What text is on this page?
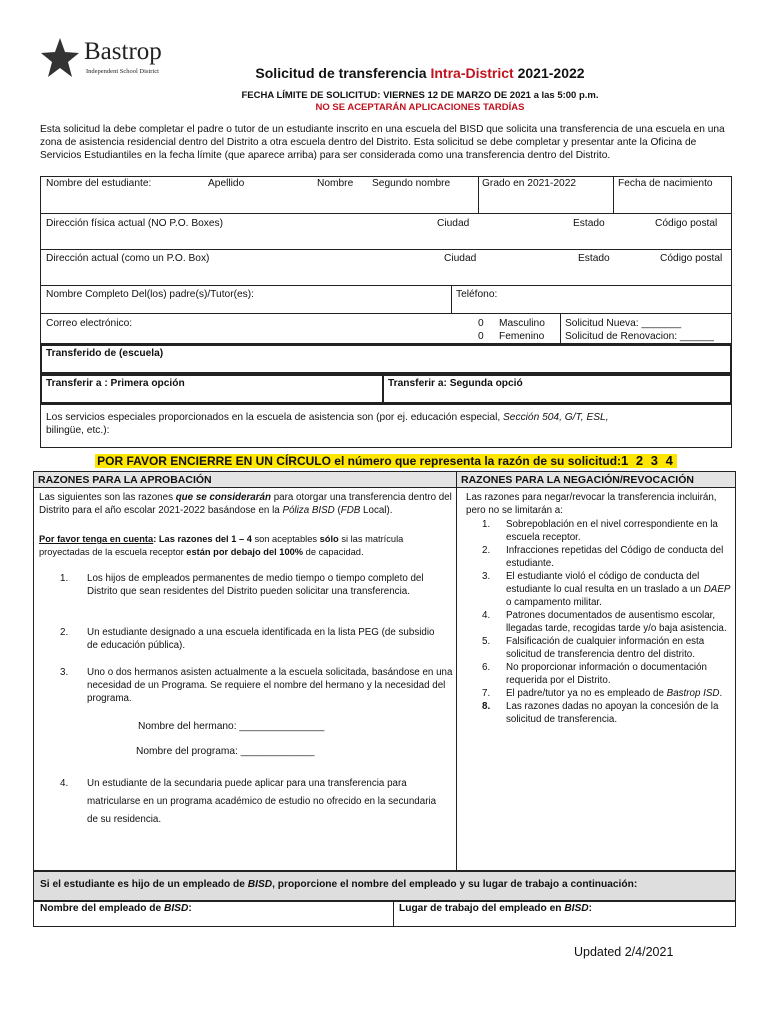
Bastrop
Independent School District	Solicitud de transferencia Intra-District 2021-2022
FECHA LÍMITE DE SOLICITUD: VIERNES 12 DE MARZO DE 2021 a las 5:00 p.m.
NO SE ACEPTARÁN APLICACIONES TARDÍAS
Esta solicitud la debe completar el padre o tutor de un estudiante inscrito en una escuela del BISD que solicita una transferencia de una escuela en una zona de asistencia residencial dentro del Distrito a otra escuela dentro del Distrito. Esta solicitud se debe completar y presentar ante la Oficina de Servicios Estudiantiles en la fecha límite (que aparece arriba) para ser considerada como una transferencia dentro del Distrito.
Nombre del estudiante:	Apellido	Nombre Segundo nombre	Grado en 2021-2022	Fecha de nacimiento
Dirección física actual (NO P.O. Boxes)	Ciudad	Estado	Código postal
Dirección actual (como un P.O. Box)	Ciudad	Estado	Código postal
Nombre Completo Del(los) padre(s)/Tutor(es):	Teléfono:
Correo electrónico:	0 Masculino
0 Femenino
Solicitud Nueva: _______
Solicitud de Renovacion: ______
Transferido de (escuela)
Transferir a : Primera opción	Transferir a: Segunda opció
Los servicios especiales proporcionados en la escuela de asistencia son (por ej. educación especial, Sección 504, G/T, ESL,
bilingüe, etc.):
POR FAVOR ENCIERRE EN UN CÍRCULO el número que representa la razón de su solicitud:1 2 3 4
RAZONES PARA LA APROBACIÓN	RAZONES PARA LA NEGACIÓN/REVOCACIÓN
Las siguientes son las razones que se considerarán para otorgar una transferencia dentro del Distrito para el año escolar 2021-2022 basándose en la Póliza BISD (FDB Local).
Por favor tenga en cuenta: Las razones del 1 – 4 son aceptables sólo si las matrícula proyectadas de la escuela receptor están por debajo del 100% de capacidad.
1. Los hijos de empleados permanentes de medio tiempo o tiempo completo del Distrito que sean residentes del Distrito pueden solicitar una transferencia.
2. Un estudiante designado a una escuela identificada en la lista PEG (de subsidio de educación pública).
3. Uno o dos hermanos asisten actualmente a la escuela solicitada, basándose en una necesidad de un Programa. Se requiere el nombre del hermano y la necesidad del programa.
Nombre del hermano: _______________
Nombre del programa: _____________
4. Un estudiante de la secundaria puede aplicar para una transferencia para matricularse en un programa académico de estudio no ofrecido en la secundaria de su residencia.
Las razones para negar/revocar la transferencia incluirán, pero no se limitarán a:
1. Sobrepoblación en el nivel correspondiente en la escuela receptor.
2. Infracciones repetidas del Código de conducta del estudiante.
3. El estudiante violó el código de conducta del estudiante lo cual resulta en un traslado a un DAEP o campamento militar.
4. Patrones documentados de ausentismo escolar, llegadas tarde, recogidas tarde y/o baja asistencia.
5. Falsificación de cualquier información en esta solicitud de transferencia dentro del distrito.
6. No proporcionar información o documentación requerida por el Distrito.
7. El padre/tutor ya no es empleado de Bastrop ISD.
8. Las razones dadas no apoyan la concesión de la solicitud de transferencia.
Si el estudiante es hijo de un empleado de BISD, proporcione el nombre del empleado y su lugar de trabajo a continuación:
Nombre del empleado de BISD:	Lugar de trabajo del empleado en BISD:
Updated 2/4/2021
